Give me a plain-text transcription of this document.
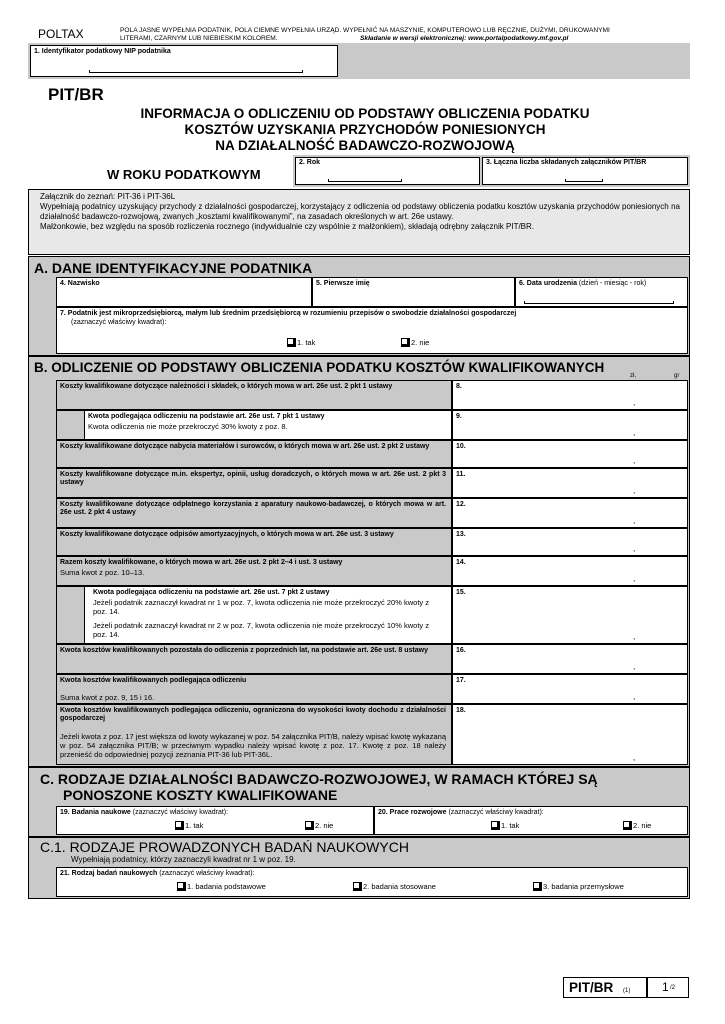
POLTAX	POLA JASNE WYPEŁNIA PODATNIK, POLA CIEMNE WYPEŁNIA URZĄD. WYPEŁNIĆ NA MASZYNIE, KOMPUTEROWO LUB RĘCZNIE, DUŻYMI, DRUKOWANYMI
LITERAMI, CZARNYM LUB NIEBIESKIM KOLOREM.	Składanie w wersji elektronicznej: www.portalpodatkowy.mf.gov.pl
1. Identyfikator podatkowy NIP podatnika
PIT/BR
INFORMACJA O ODLICZENIU OD PODSTAWY OBLICZENIA PODATKU
KOSZTÓW UZYSKANIA PRZYCHODÓW PONIESIONYCH
NA DZIAŁALNOŚĆ BADAWCZO-ROZWOJOWĄ
W ROKU PODATKOWYM
2. Rok	3. Łączna liczba składanych załączników PIT/BR
Załącznik do zeznań: PIT-36 i PIT-36L
Wypełniają podatnicy uzyskujący przychody z działalności gospodarczej, korzystający z odliczenia od podstawy obliczenia podatku kosztów uzyskania przychodów poniesionych na działalność badawczo-rozwojową, zwanych „kosztami kwalifikowanymi”, na zasadach określonych w art. 26e ustawy.
Małżonkowie, bez względu na sposób rozliczenia rocznego (indywidualnie czy wspólnie z małżonkiem), składają odrębny załącznik PIT/BR.
A. DANE IDENTYFIKACYJNE PODATNIKA
4. Nazwisko	5. Pierwsze imię	6. Data urodzenia (dzień - miesiąc - rok)
7. Podatnik jest mikroprzedsiębiorcą, małym lub średnim przedsiębiorcą w rozumieniu przepisów o swobodzie działalności gospodarczej
(zaznaczyć właściwy kwadrat):
1. tak	2. nie
B. ODLICZENIE OD PODSTAWY OBLICZENIA PODATKU KOSZTÓW KWALIFIKOWANYCH
zł,	gr
Koszty kwalifikowane dotyczące należności i składek, o których mowa w art. 26e ust. 2 pkt 1 ustawy	8.
,
Kwota podlegająca odliczeniu na podstawie art. 26e ust. 7 pkt 1 ustawy
Kwota odliczenia nie może przekroczyć 30% kwoty z poz. 8.
9.
,
Koszty kwalifikowane dotyczące nabycia materiałów i surowców, o których mowa w art. 26e ust. 2 pkt 2 ustawy	10.
,
Koszty kwalifikowane dotyczące m.in. ekspertyz, opinii, usług doradczych, o których mowa w art. 26e ust. 2 pkt 3 ustawy
11.
,
Koszty kwalifikowane dotyczące odpłatnego korzystania z aparatury naukowo-badawczej, o których mowa w art. 26e ust. 2 pkt 4 ustawy
12.
,
Koszty kwalifikowane dotyczące odpisów amortyzacyjnych, o których mowa w art. 26e ust. 3 ustawy	13.
,
Razem koszty kwalifikowane, o których mowa w art. 26e ust. 2 pkt 2–4 i ust. 3 ustawy
Suma kwot z poz. 10–13.
14.
,
Kwota podlegająca odliczeniu na podstawie art. 26e ust. 7 pkt 2 ustawy
Jeżeli podatnik zaznaczył kwadrat nr 1 w poz. 7, kwota odliczenia nie może przekroczyć 20% kwoty z poz. 14.
Jeżeli podatnik zaznaczył kwadrat nr 2 w poz. 7, kwota odliczenia nie może przekroczyć 10% kwoty z poz. 14.
15.
,
Kwota kosztów kwalifikowanych pozostała do odliczenia z poprzednich lat, na podstawie art. 26e ust. 8 ustawy	16.
,
Kwota kosztów kwalifikowanych podlegająca odliczeniu
Suma kwot z poz. 9, 15 i 16.
17.
,
Kwota kosztów kwalifikowanych podlegająca odliczeniu, ograniczona do wysokości kwoty dochodu z działalności gospodarczej
Jeżeli kwota z poz. 17 jest większa od kwoty wykazanej w poz. 54 załącznika PIT/B, należy wpisać kwotę wykazaną w poz. 54 załącznika PIT/B; w przeciwnym wypadku należy wpisać kwotę z poz. 17. Kwotę z poz. 18 należy przenieść do odpowiedniej pozycji zeznania PIT-36 lub PIT-36L.
18.
,
C. RODZAJE DZIAŁALNOŚCI BADAWCZO-ROZWOJOWEJ, W RAMACH KTÓREJ SĄ
PONOSZONE KOSZTY KWALIFIKOWANE
19. Badania naukowe (zaznaczyć właściwy kwadrat):
1. tak	2. nie
20. Prace rozwojowe (zaznaczyć właściwy kwadrat):
1. tak	2. nie
C.1. RODZAJE PROWADZONYCH BADAŃ NAUKOWYCH
Wypełniają podatnicy, którzy zaznaczyli kwadrat nr 1 w poz. 19.
21. Rodzaj badań naukowych (zaznaczyć właściwy kwadrat):
1. badania podstawowe	2. badania stosowane	3. badania przemysłowe
PIT/BR (1)	1 /2
